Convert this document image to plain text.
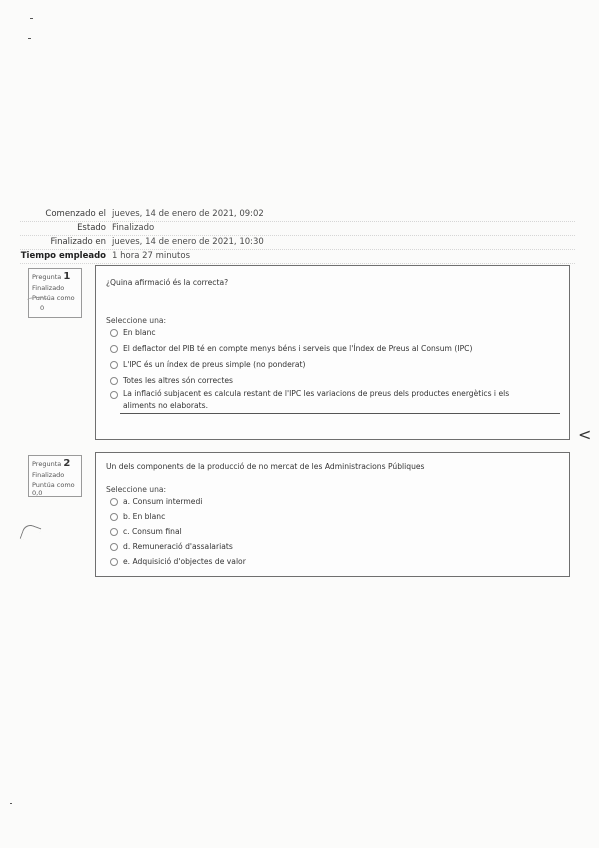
Comenzado el jueves, 14 de enero de 2021, 09:02
Estado Finalizado
Finalizado en jueves, 14 de enero de 2021, 10:30
Tiempo empleado 1 hora 27 minutos
Pregunta 1
Finalizado
Puntúa como
0
¿Quina afirmació és la correcta?
Seleccione una:
En blanc
El deflactor del PIB té en compte menys béns i serveis que l'Índex de Preus al Consum (IPC)
L'IPC és un índex de preus simple (no ponderat)
Totes les altres són correctes
La inflació subjacent es calcula restant de l'IPC les variacions de preus dels productes energètics i els aliments no elaborats.
<
Pregunta 2
Finalizado
Puntúa como
0,0
Un dels components de la producció de no mercat de les Administracions Públiques
Seleccione una:
a. Consum intermedi
b. En blanc
c. Consum final
d. Remuneració d'assalariats
e. Adquisició d'objectes de valor
